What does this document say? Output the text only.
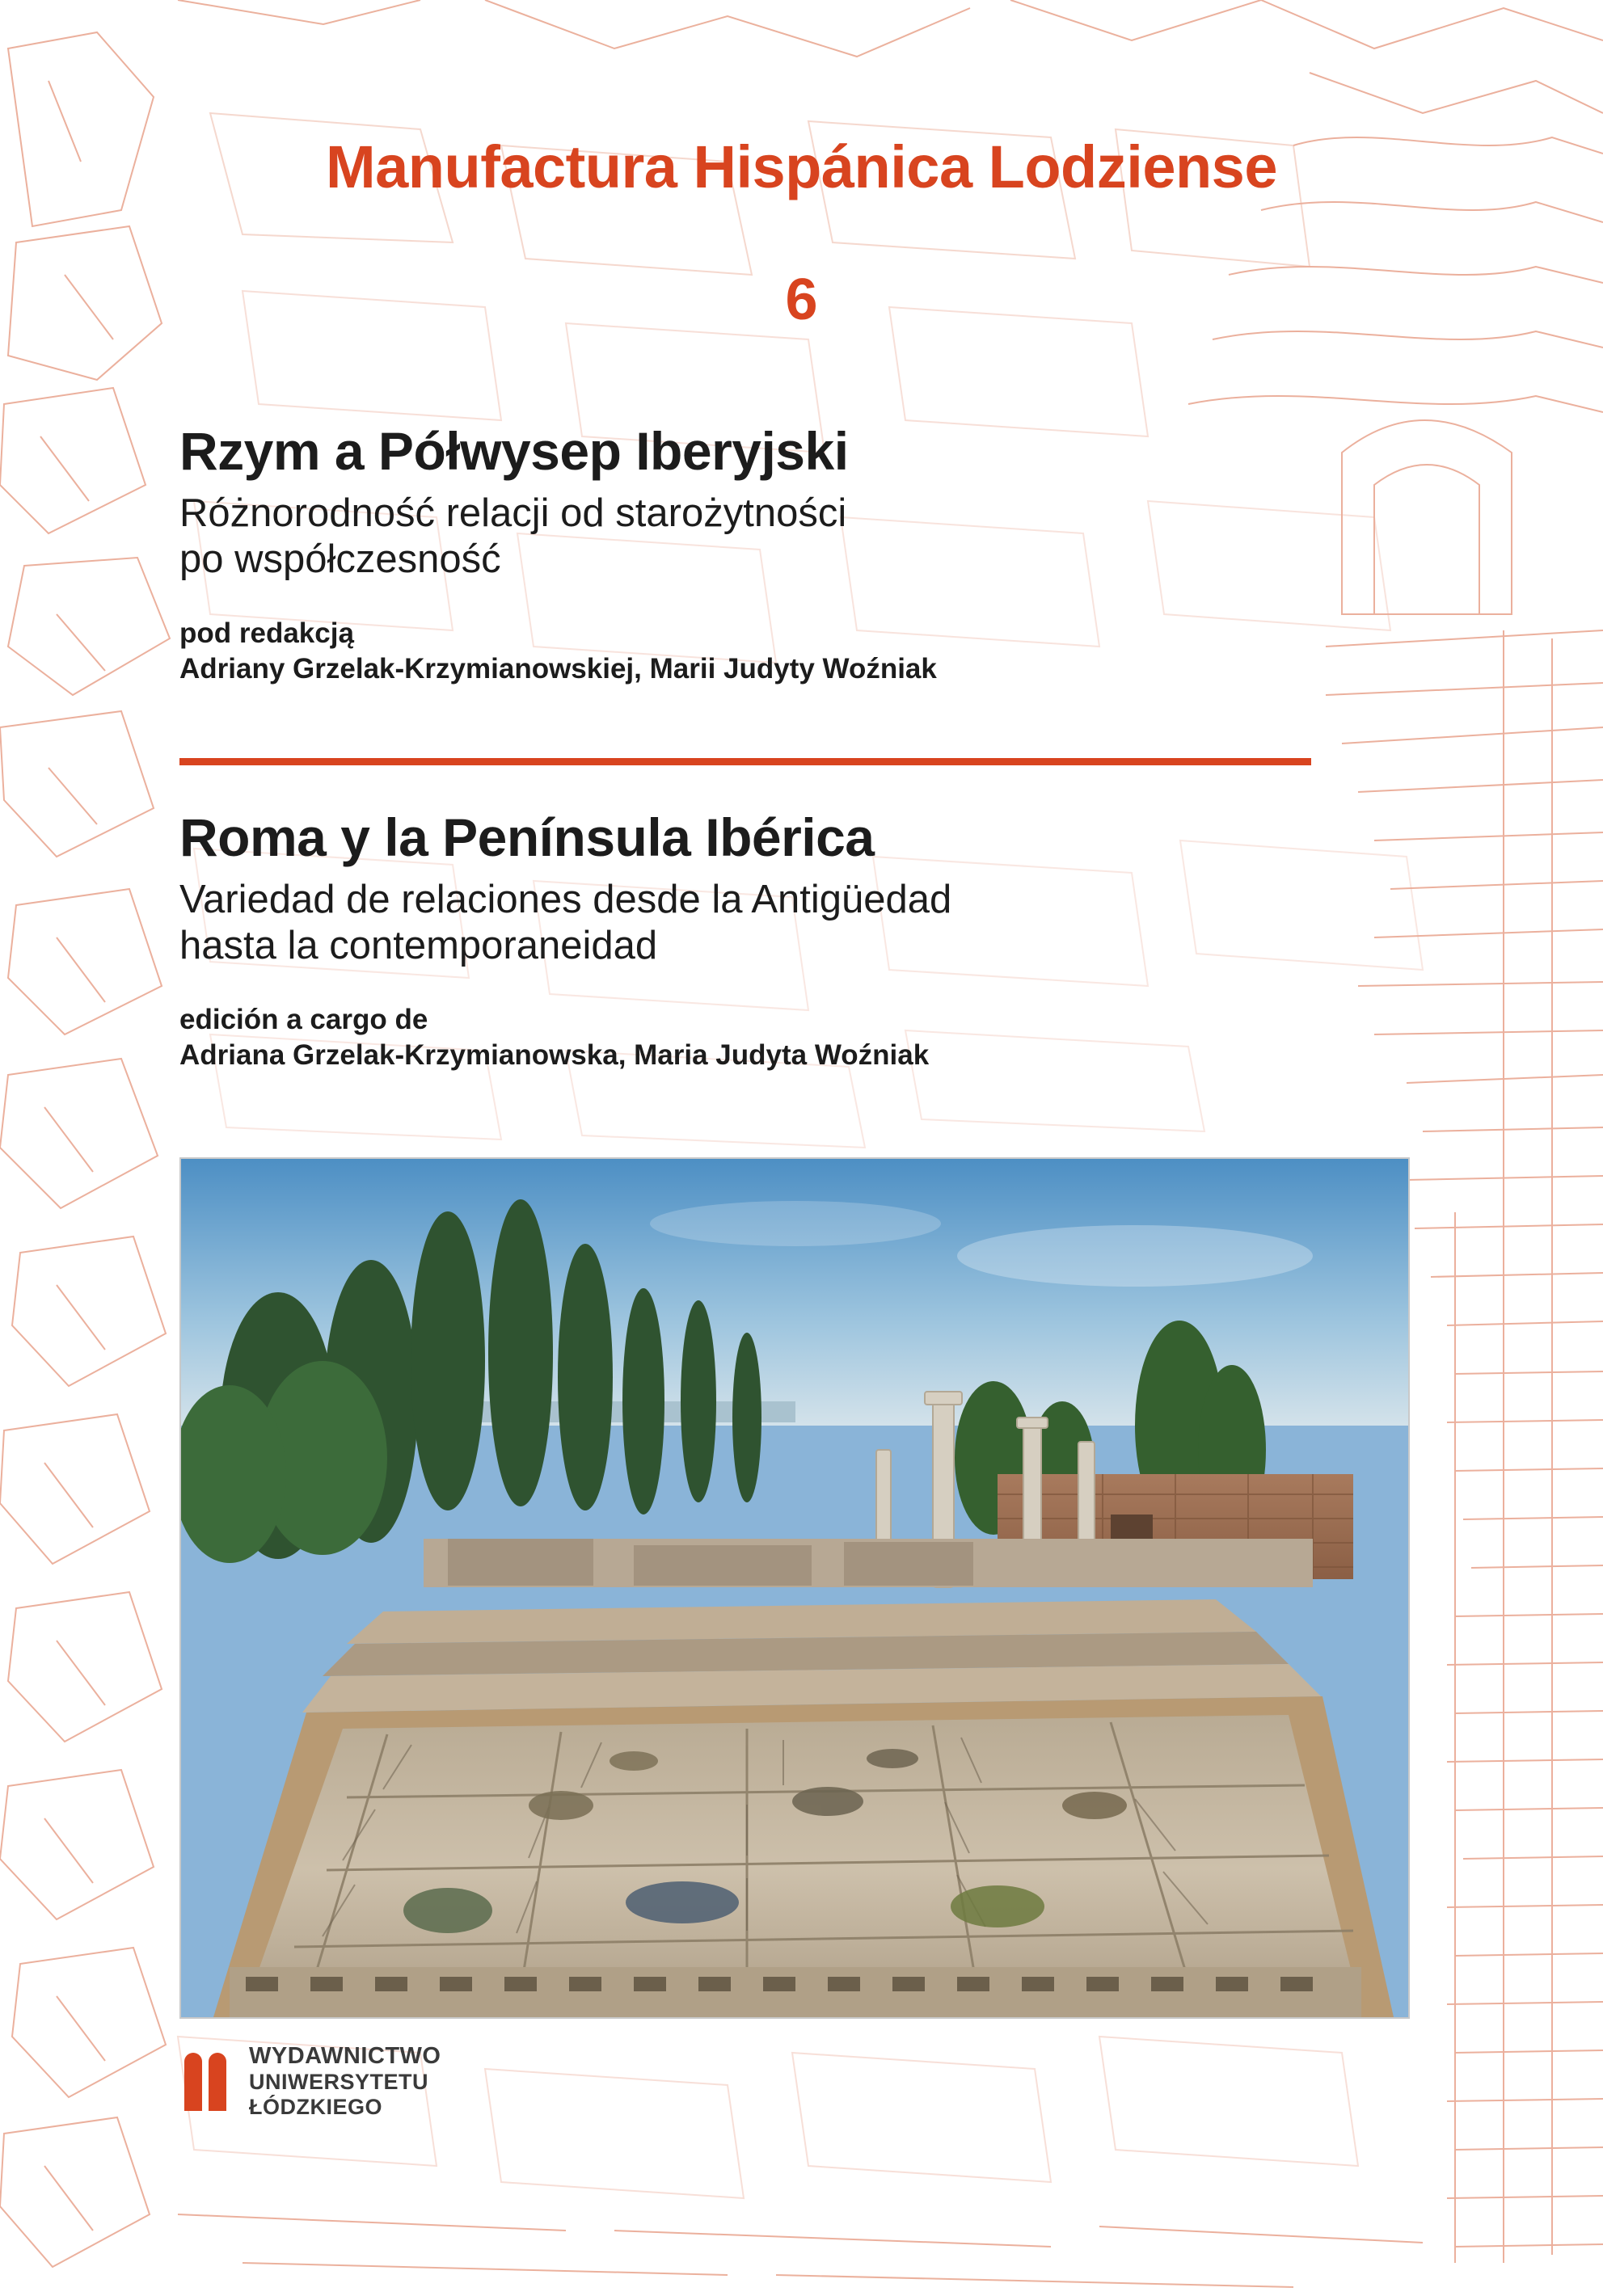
Manufactura Hispánica Lodziense
6
Rzym a Półwysep Iberyjski

Różnorodność relacji od starożytności

po współczesność

pod redakcją

Adriany Grzelak-Krzymianowskiej, Marii Judyty Woźniak

Roma y la Península Ibérica

Variedad de relaciones desde la Antigüedad

hasta la contemporaneidad

edición a cargo de

Adriana Grzelak-Krzymianowska, Maria Judyta Woźniak

WYDAWNICTWO
UNIWERSYTETU
ŁÓDZKIEGO
